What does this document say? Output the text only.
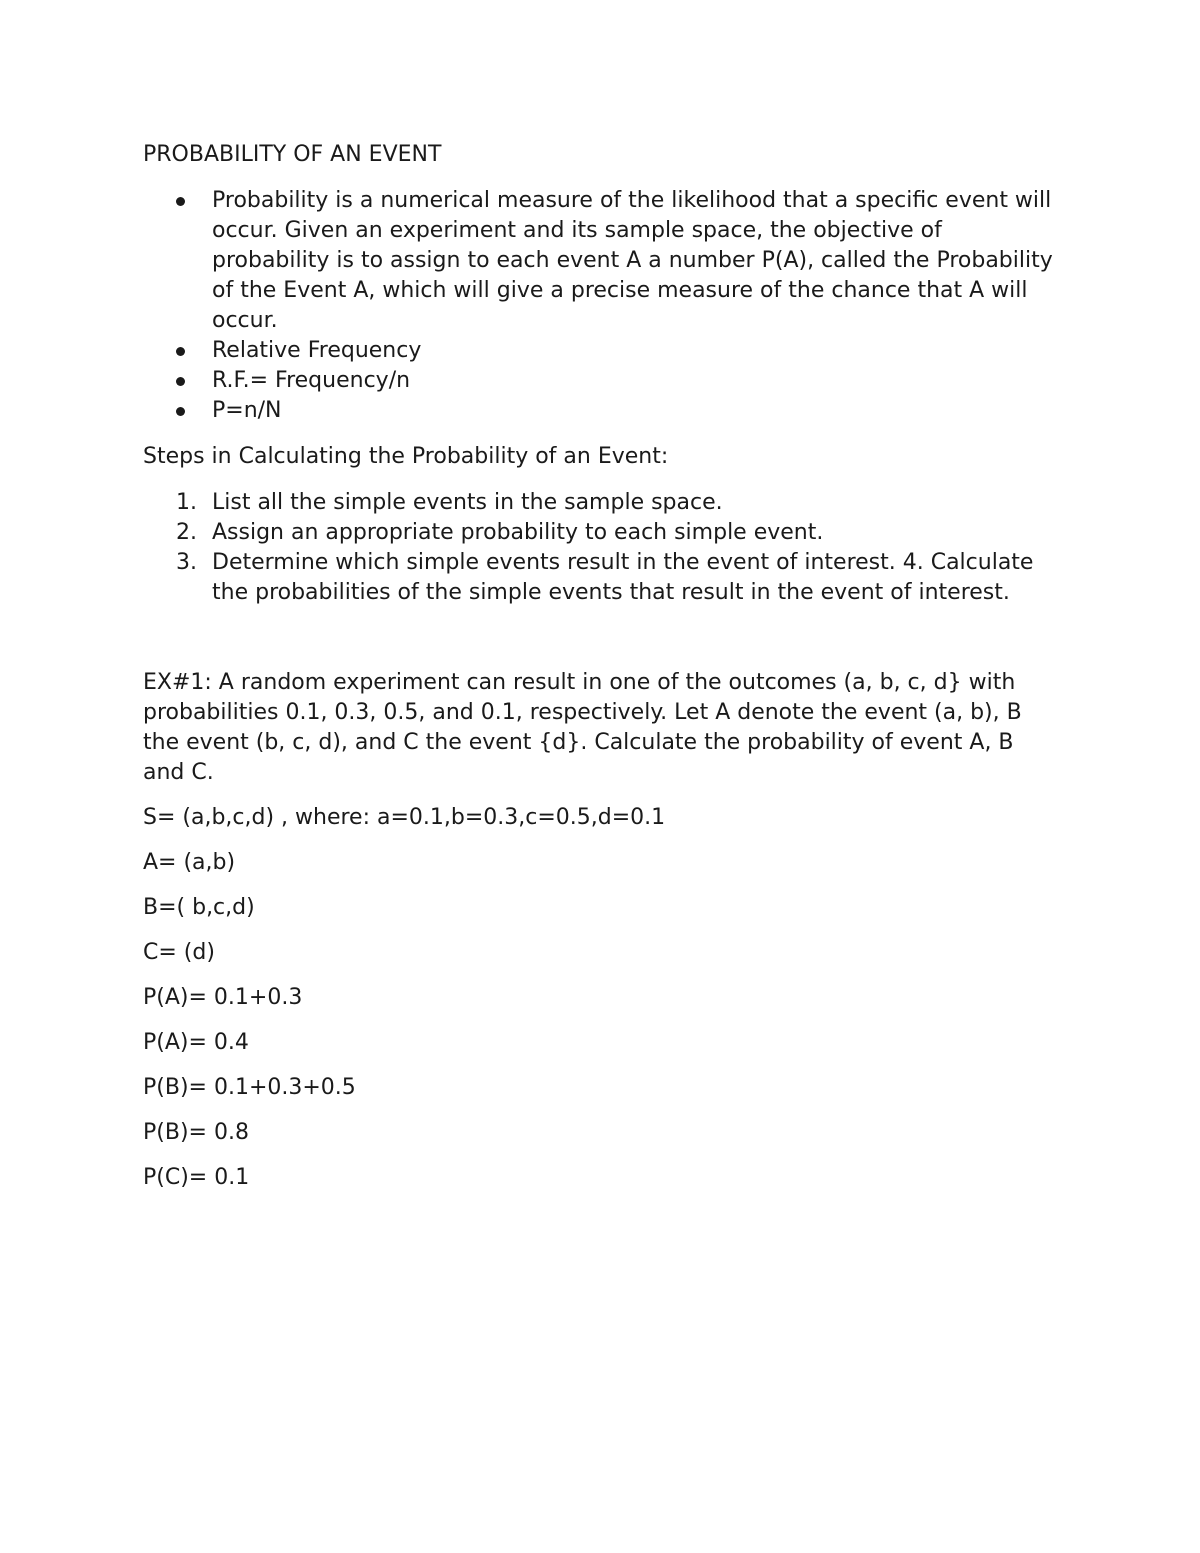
PROBABILITY OF AN EVENT

Probability is a numerical measure of the likelihood that a specific event will occur. Given an experiment and its sample space, the objective of probability is to assign to each event A a number P(A), called the Probability of the Event A, which will give a precise measure of the chance that A will occur.
Relative Frequency
R.F.= Frequency/n
P=n/N

Steps in Calculating the Probability of an Event:

1. List all the simple events in the sample space.
2. Assign an appropriate probability to each simple event.
3. Determine which simple events result in the event of interest. 4. Calculate the probabilities of the simple events that result in the event of interest.

EX#1: A random experiment can result in one of the outcomes (a, b, c, d} with probabilities 0.1, 0.3, 0.5, and 0.1, respectively. Let A denote the event (a, b), B the event (b, c, d), and C the event {d}. Calculate the probability of event A, B and C.

S= (a,b,c,d) , where: a=0.1,b=0.3,c=0.5,d=0.1

A= (a,b)

B=( b,c,d)

C= (d)

P(A)= 0.1+0.3

P(A)= 0.4

P(B)= 0.1+0.3+0.5

P(B)= 0.8

P(C)= 0.1
